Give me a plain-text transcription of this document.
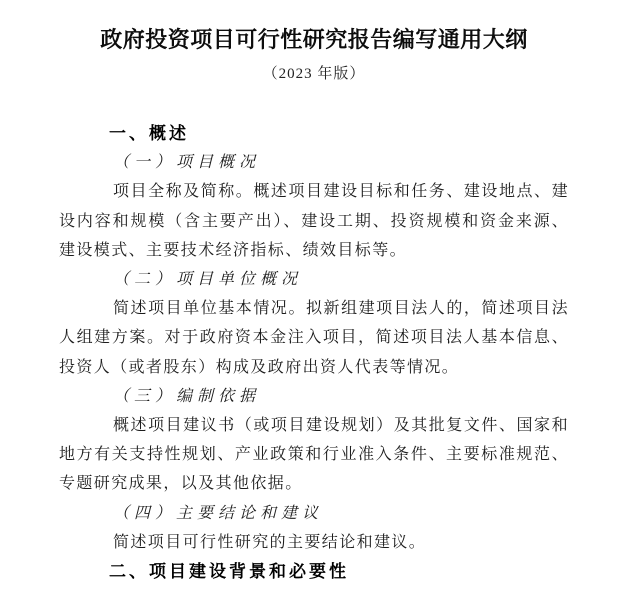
政府投资项目可行性研究报告编写通用大纲
（2023 年版）
一、概述
（一）项目概况

项目全称及简称。概述项目建设目标和任务、建设地点、建设内容和规模（含主要产出）、建设工期、投资规模和资金来源、建设模式、主要技术经济指标、绩效目标等。

（二）项目单位概况

简述项目单位基本情况。拟新组建项目法人的，简述项目法人组建方案。对于政府资本金注入项目，简述项目法人基本信息、投资人（或者股东）构成及政府出资人代表等情况。

（三）编制依据

概述项目建议书（或项目建设规划）及其批复文件、国家和地方有关支持性规划、产业政策和行业准入条件、主要标准规范、专题研究成果，以及其他依据。

（四）主要结论和建议

简述项目可行性研究的主要结论和建议。

二、项目建设背景和必要性
